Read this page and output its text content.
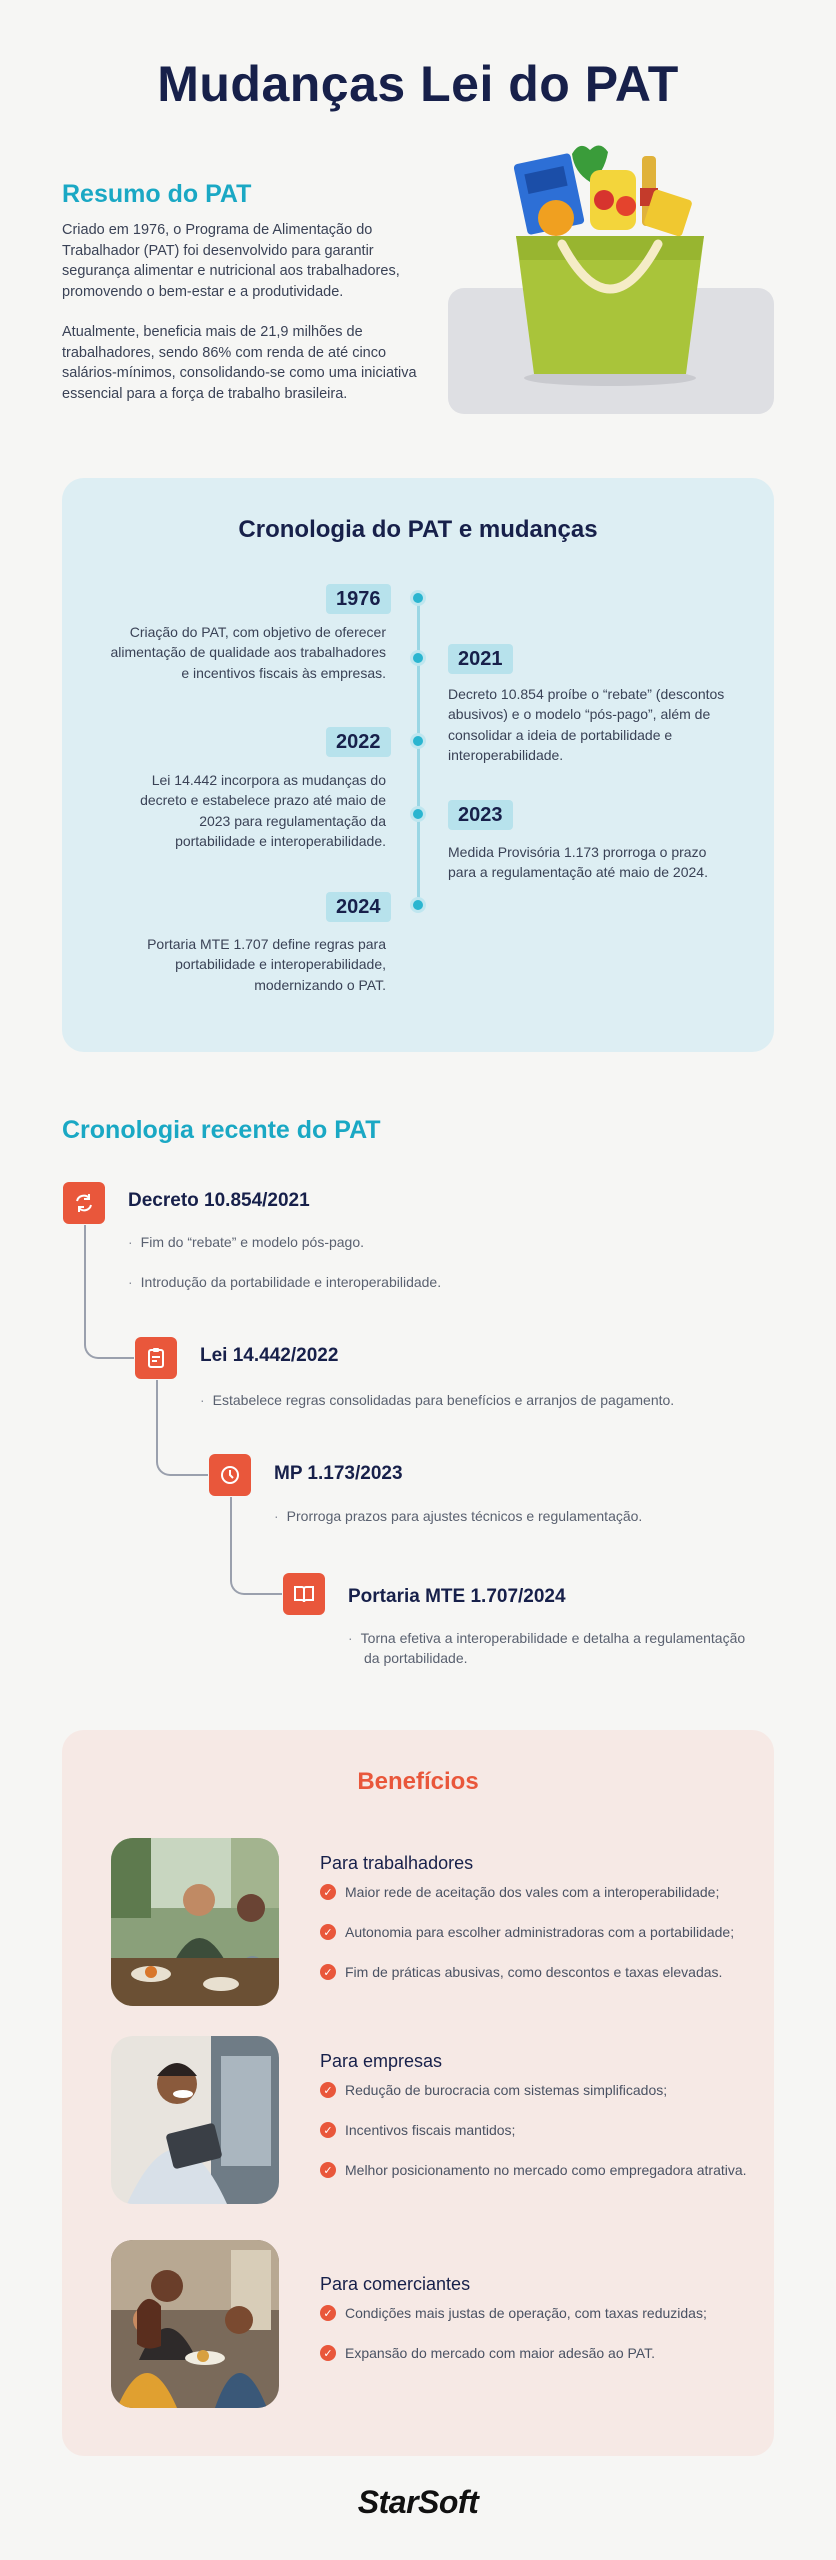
Mudanças Lei do PAT
Resumo do PAT
Criado em 1976, o Programa de Alimentação do Trabalhador (PAT) foi desenvolvido para garantir segurança alimentar e nutricional aos trabalhadores, promovendo o bem-estar e a produtividade.
Atualmente, beneficia mais de 21,9 milhões de trabalhadores, sendo 86% com renda de até cinco salários-mínimos, consolidando-se como uma iniciativa essencial para a força de trabalho brasileira.
Cronologia do PAT e mudanças
1976
Criação do PAT, com objetivo de oferecer alimentação de qualidade aos trabalhadores e incentivos fiscais às empresas.
2021
Decreto 10.854 proíbe o “rebate” (descontos abusivos) e o modelo “pós-pago”, além de consolidar a ideia de portabilidade e interoperabilidade.
2022
Lei 14.442 incorpora as mudanças do decreto e estabelece prazo até maio de 2023 para regulamentação da portabilidade e interoperabilidade.
2023
Medida Provisória 1.173 prorroga o prazo para a regulamentação até maio de 2024.
2024
Portaria MTE 1.707 define regras para portabilidade e interoperabilidade, modernizando o PAT.
Cronologia recente do PAT
Decreto 10.854/2021
· Fim do “rebate” e modelo pós-pago.
· Introdução da portabilidade e interoperabilidade.
Lei 14.442/2022
· Estabelece regras consolidadas para benefícios e arranjos de pagamento.
MP 1.173/2023
· Prorroga prazos para ajustes técnicos e regulamentação.
Portaria MTE 1.707/2024
· Torna efetiva a interoperabilidade e detalha a regulamentação
da portabilidade.
Benefícios
Para trabalhadores
✓ Maior rede de aceitação dos vales com a interoperabilidade;
✓ Autonomia para escolher administradoras com a portabilidade;
✓ Fim de práticas abusivas, como descontos e taxas elevadas.
Para empresas
✓ Redução de burocracia com sistemas simplificados;
✓ Incentivos fiscais mantidos;
✓ Melhor posicionamento no mercado como empregadora atrativa.
Para comerciantes
✓ Condições mais justas de operação, com taxas reduzidas;
✓ Expansão do mercado com maior adesão ao PAT.
StarSoft
